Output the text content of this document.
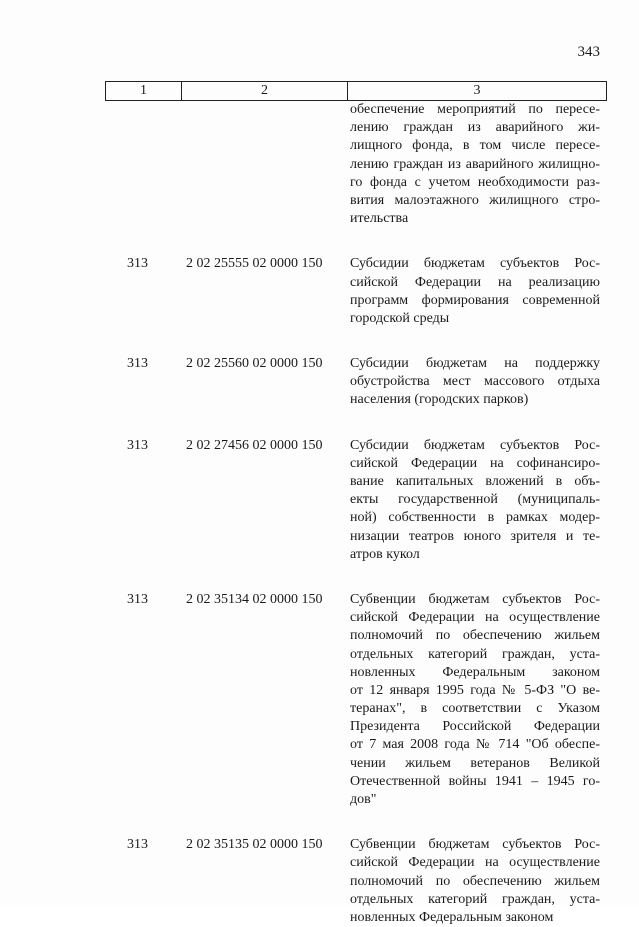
343
1	2	3
обеспечение мероприятий по пересе-
лению граждан из аварийного жи-
лищного фонда, в том числе пересе-
лению граждан из аварийного жилищно-
го фонда с учетом необходимости раз-
вития малоэтажного жилищного стро-
ительства
313	2 02 25555 02 0000 150	Субсидии бюджетам субъектов Рос-
сийской Федерации на реализацию
программ формирования современной
городской среды
313	2 02 25560 02 0000 150	Субсидии бюджетам на поддержку
обустройства мест массового отдыха
населения (городских парков)
313	2 02 27456 02 0000 150	Субсидии бюджетам субъектов Рос-
сийской Федерации на софинансиро-
вание капитальных вложений в объ-
екты государственной (муниципаль-
ной) собственности в рамках модер-
низации театров юного зрителя и те-
атров кукол
313	2 02 35134 02 0000 150	Субвенции бюджетам субъектов Рос-
сийской Федерации на осуществление
полномочий по обеспечению жильем
отдельных категорий граждан, уста-
новленных Федеральным законом
от 12 января 1995 года № 5-ФЗ "О ве-
теранах", в соответствии с Указом
Президента Российской Федерации
от 7 мая 2008 года № 714 "Об обеспе-
чении жильем ветеранов Великой
Отечественной войны 1941 – 1945 го-
дов"
313	2 02 35135 02 0000 150	Субвенции бюджетам субъектов Рос-
сийской Федерации на осуществление
полномочий по обеспечению жильем
отдельных категорий граждан, уста-
новленных Федеральным законом
